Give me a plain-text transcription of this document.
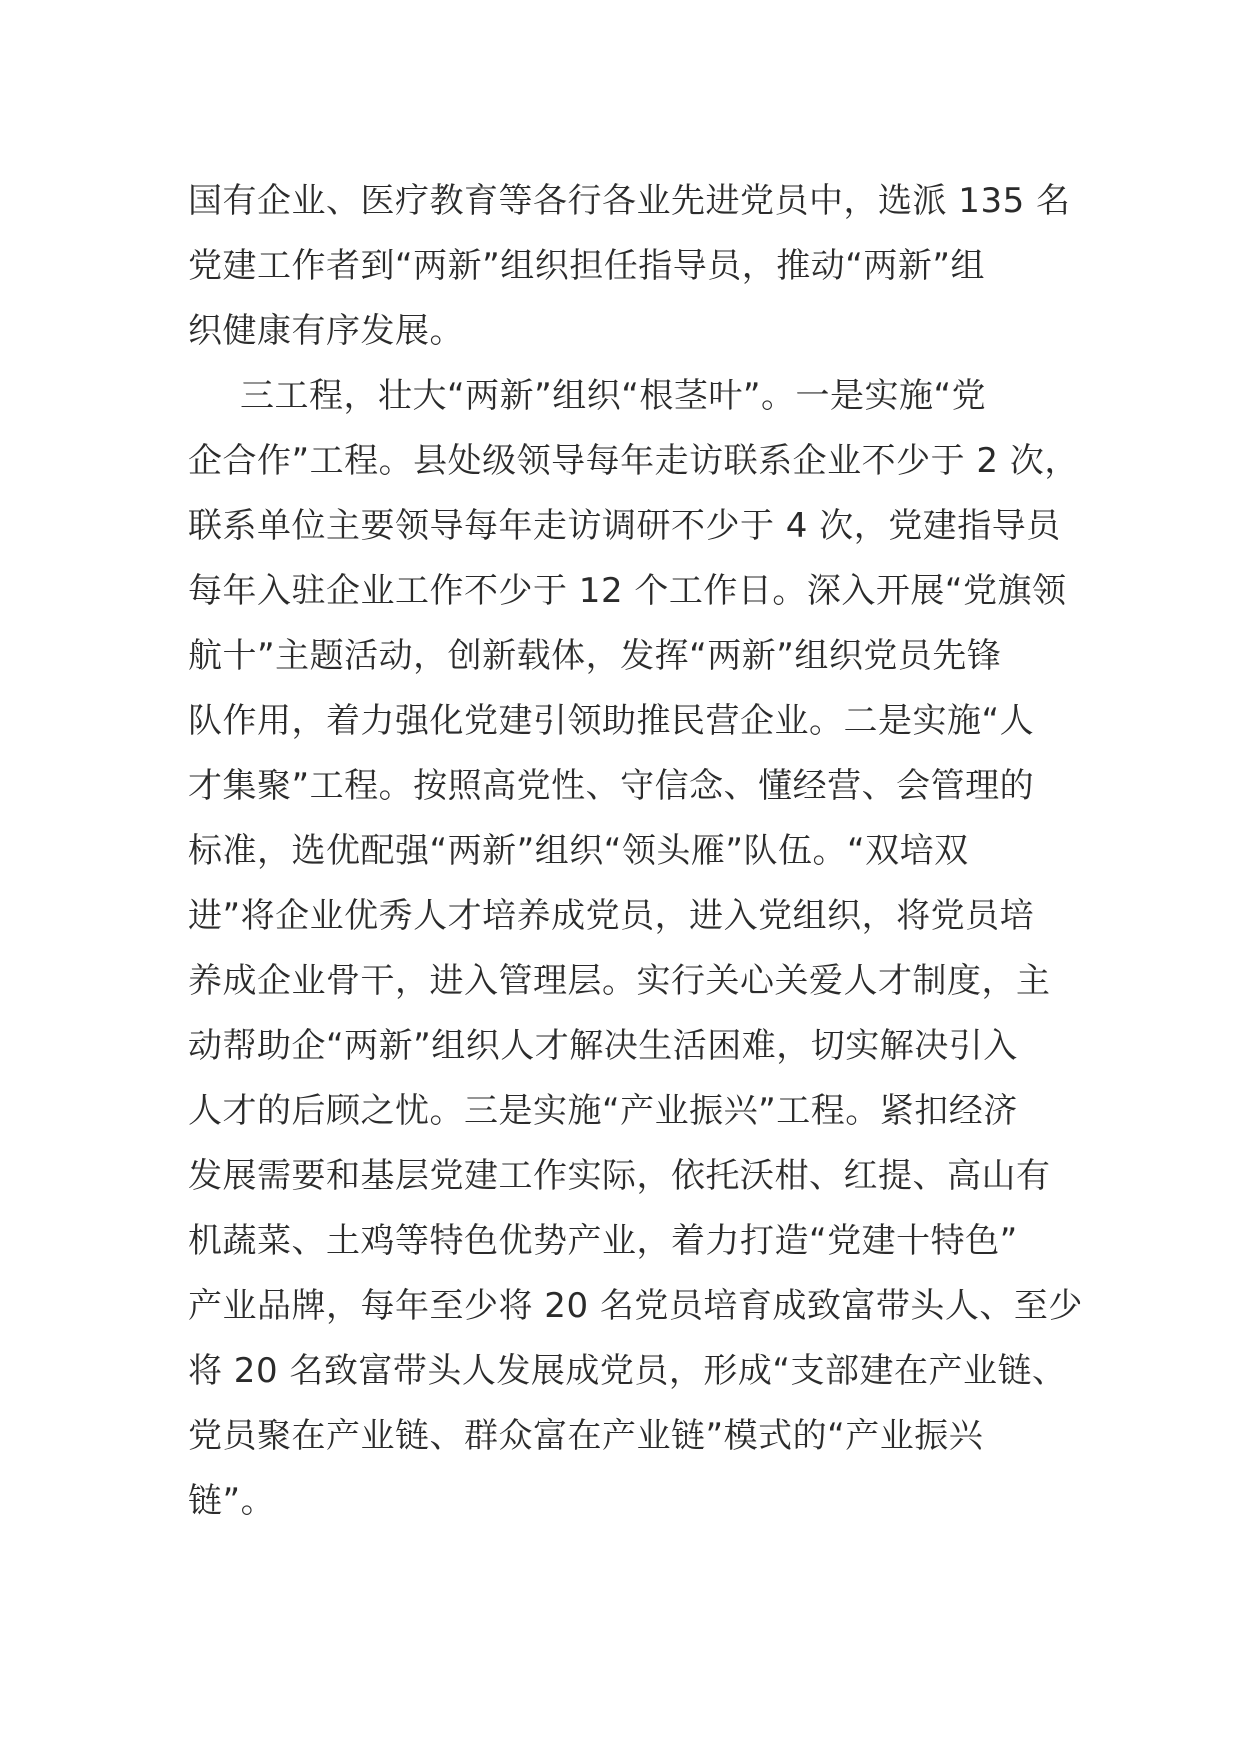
国有企业、医疗教育等各行各业先进党员中，选派 135 名
党建工作者到“两新”组织担任指导员，推动“两新”组
织健康有序发展。
三工程，壮大“两新”组织“根茎叶”。一是实施“党
企合作”工程。县处级领导每年走访联系企业不少于 2 次，
联系单位主要领导每年走访调研不少于 4 次，党建指导员
每年入驻企业工作不少于 12 个工作日。深入开展“党旗领
航十”主题活动，创新载体，发挥“两新”组织党员先锋
队作用，着力强化党建引领助推民营企业。二是实施“人
才集聚”工程。按照高党性、守信念、懂经营、会管理的
标准，选优配强“两新”组织“领头雁”队伍。“双培双
进”将企业优秀人才培养成党员，进入党组织，将党员培
养成企业骨干，进入管理层。实行关心关爱人才制度，主
动帮助企“两新”组织人才解决生活困难，切实解决引入
人才的后顾之忧。三是实施“产业振兴”工程。紧扣经济
发展需要和基层党建工作实际，依托沃柑、红提、高山有
机蔬菜、土鸡等特色优势产业，着力打造“党建十特色”
产业品牌，每年至少将 20 名党员培育成致富带头人、至少
将 20 名致富带头人发展成党员，形成“支部建在产业链、
党员聚在产业链、群众富在产业链”模式的“产业振兴
链”。
